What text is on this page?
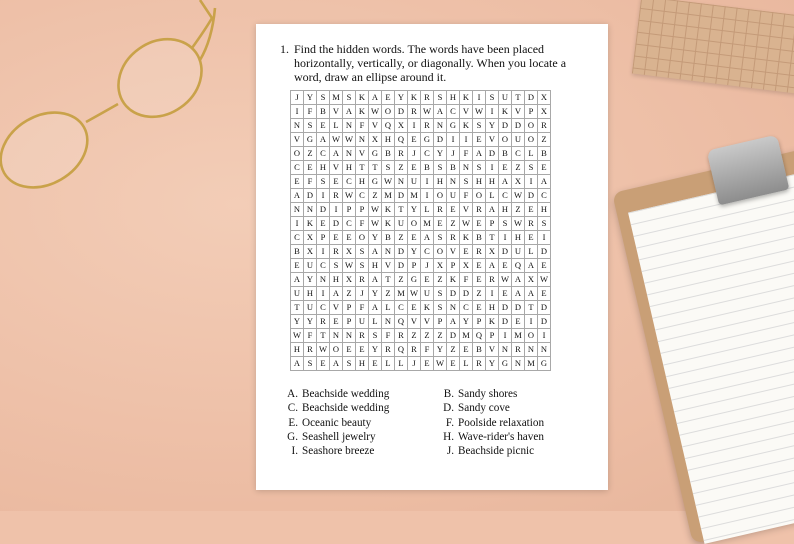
1. Find the hidden words. The words have been placed horizontally, vertically, or diagonally. When you locate a word, draw an ellipse around it.
J	Y	S	M	S	K	A	E	Y	K	R	S	H	K	I	S	U	T	D	X
I	F	B	V	A	K	W	O	D	R	W	A	C	V	W	I	K	V	P	X
N	S	E	L	N	F	V	Q	X	I	R	N	G	K	S	Y	D	D	O	R
V	G	A	W	W	N	X	H	Q	E	G	D	I	I	E	V	O	U	O	Z
O	Z	C	A	N	V	G	B	R	J	C	Y	J	F	A	D	B	C	L	B
C	E	H	V	H	T	T	S	Z	E	B	S	B	N	S	I	E	Z	S	E
E	F	S	E	C	H	G	W	N	U	I	H	N	S	H	H	A	X	I	A
A	D	I	R	W	C	Z	M	D	M	I	O	U	F	O	L	C	W	D	C
N	N	D	I	P	P	W	K	T	Y	L	R	E	V	R	A	H	Z	E	H
I	K	E	D	C	F	W	K	U	O	M	E	Z	W	E	P	S	W	R	S
C	X	P	E	E	O	Y	B	Z	E	A	S	R	K	B	T	I	H	E	I
B	X	I	R	X	S	A	N	D	Y	C	O	V	E	R	X	D	U	L	D
E	U	C	S	W	S	H	V	D	P	J	X	P	X	E	A	E	Q	A	E
A	Y	N	H	X	R	A	T	Z	G	E	Z	K	F	E	R	W	A	X	W
U	H	I	A	Z	J	Y	Z	M	W	U	S	D	D	Z	I	E	A	A	E
T	U	C	V	P	F	A	L	C	E	K	S	N	C	E	H	D	D	T	D
Y	Y	R	E	P	U	L	N	Q	V	V	P	A	Y	P	K	D	E	I	D
W	F	T	N	N	R	S	F	R	Z	Z	Z	D	M	Q	P	I	M	O	I
H	R	W	O	E	E	Y	R	Q	R	F	Y	Z	E	B	V	N	R	N	N
A	S	E	A	S	H	E	L	L	J	E	W	E	L	R	Y	G	N	M	G
A. Beachside wedding	B. Sandy shores
C. Beachside wedding	D. Sandy cove
E. Oceanic beauty	F. Poolside relaxation
G. Seashell jewelry	H. Wave-rider's haven
I. Seashore breeze	J. Beachside picnic
